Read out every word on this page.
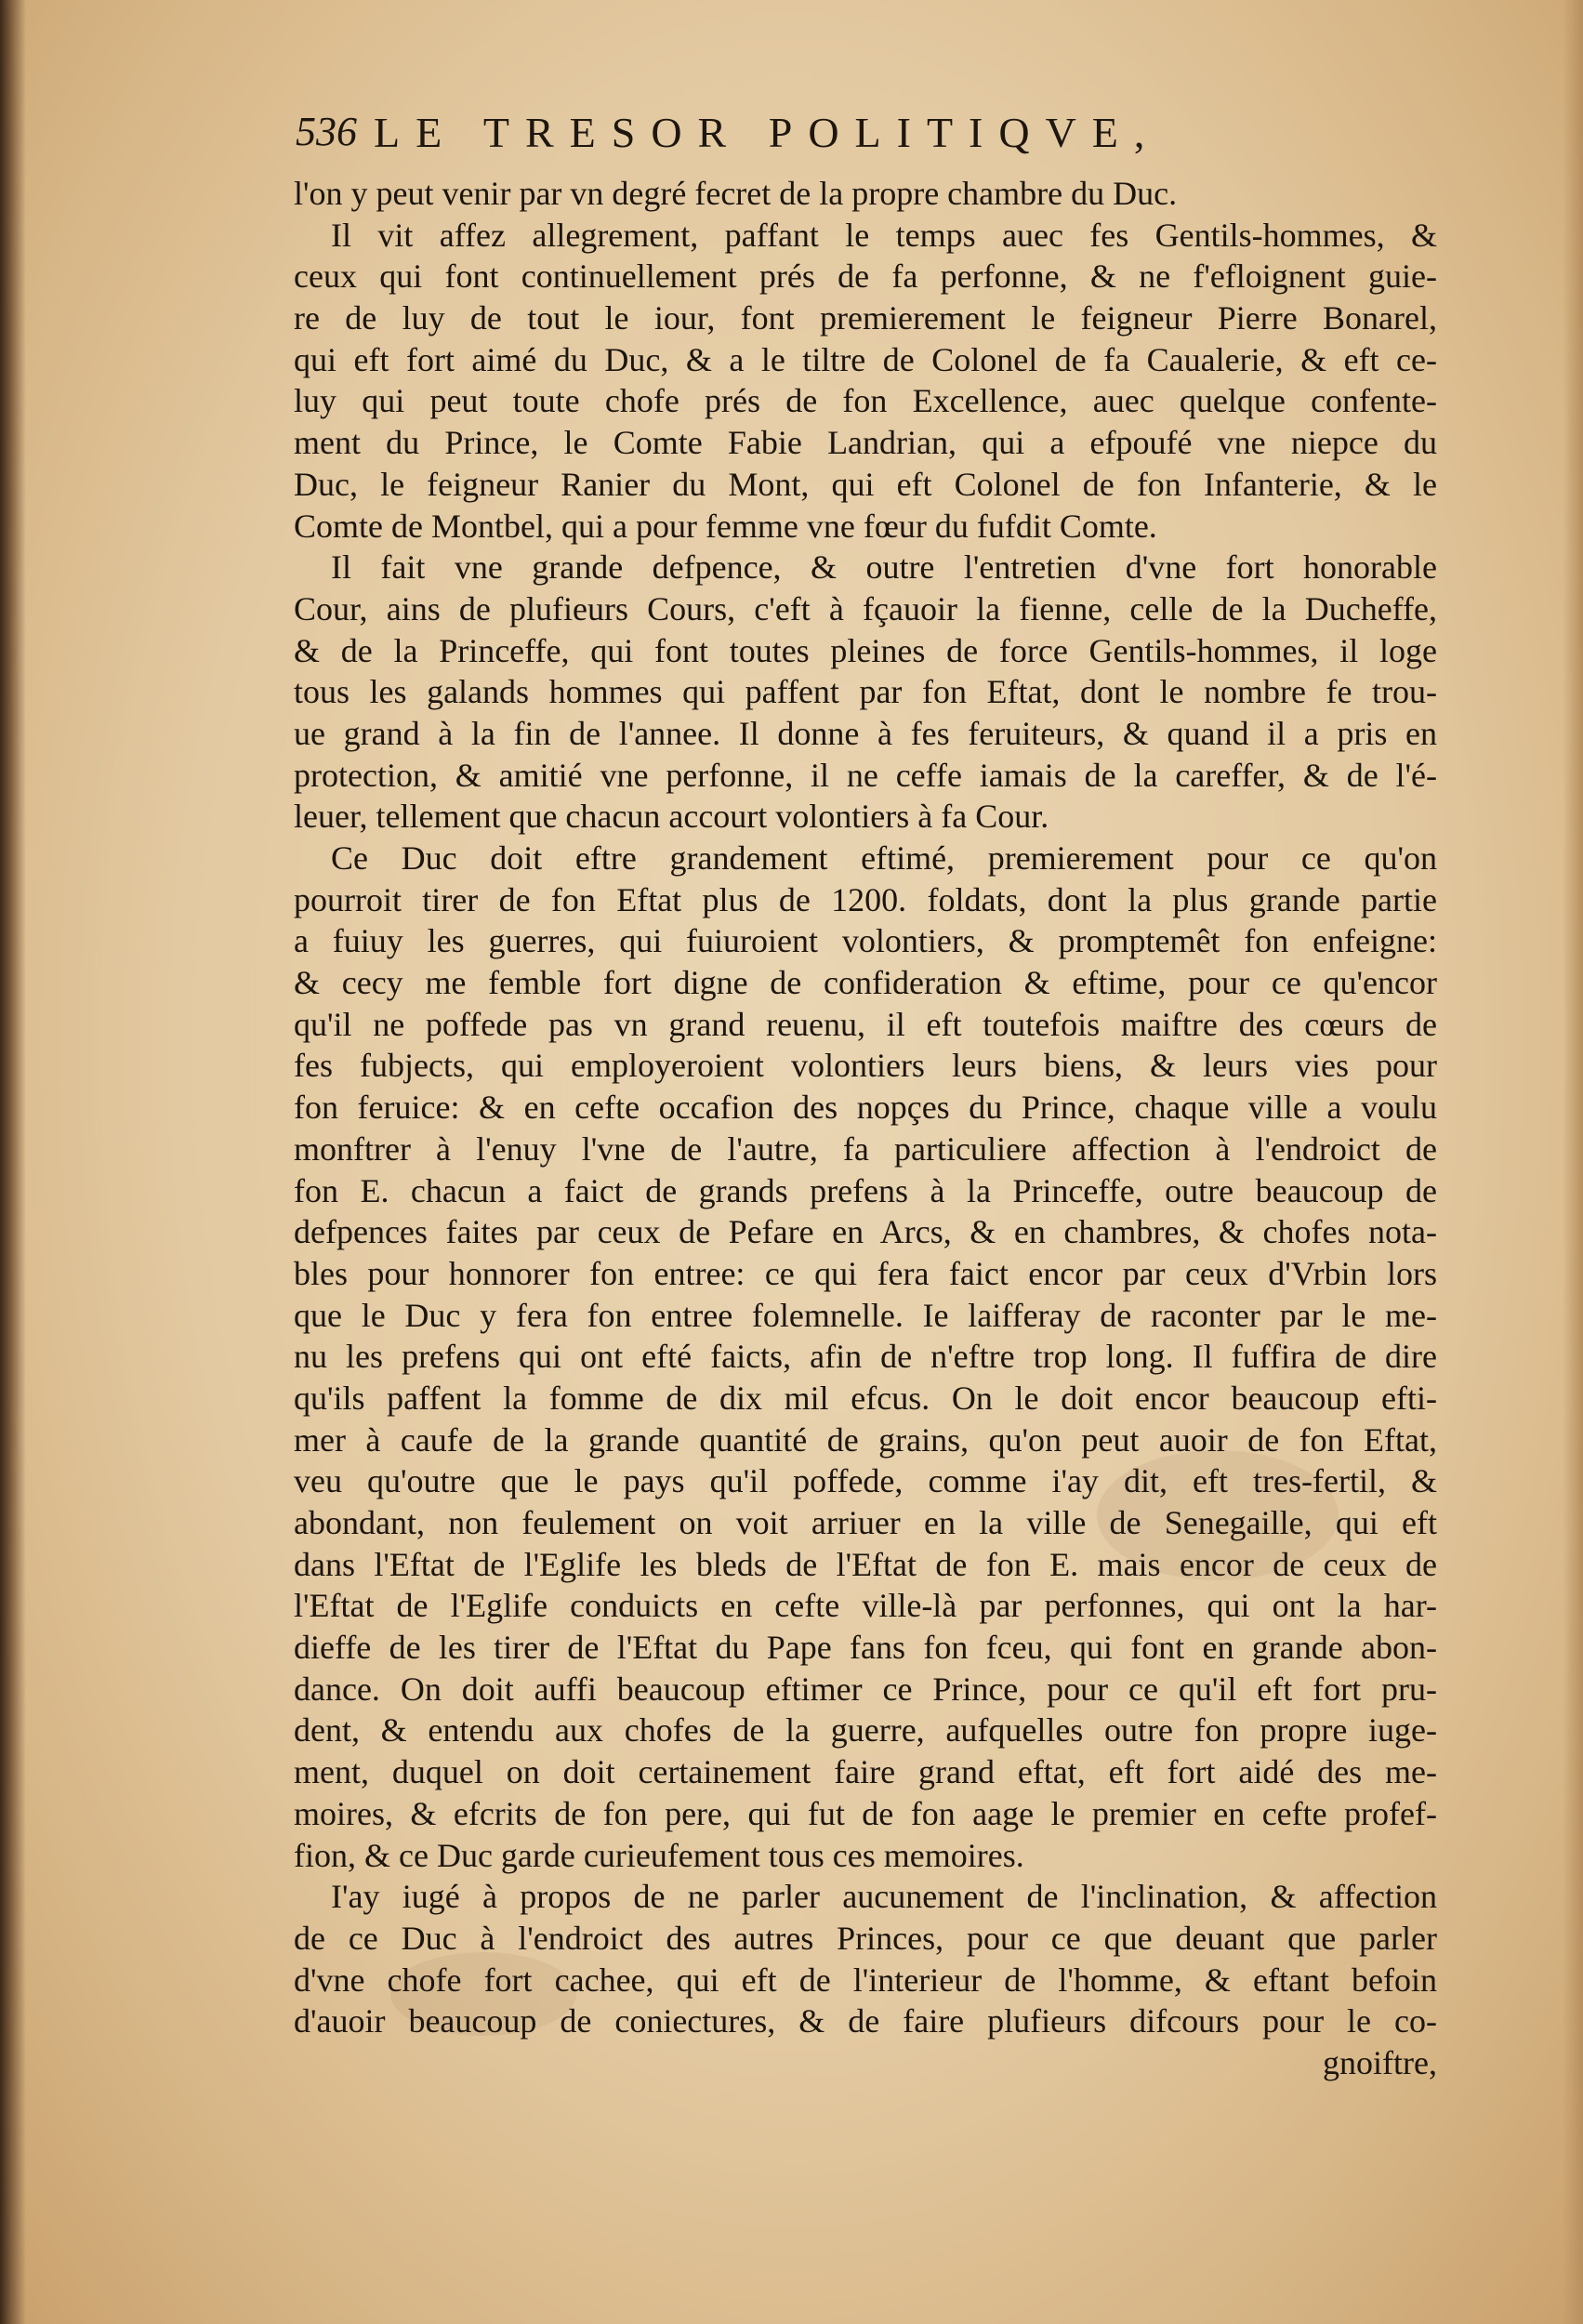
536 LE TRESOR POLITIQVE,
l'on y peut venir par vn degré fecret de la propre chambre du Duc.
Il vit affez allegrement, paffant le temps auec fes Gentils-hommes, &
ceux qui font continuellement prés de fa perfonne, & ne f'efloignent guie-
re de luy de tout le iour, font premierement le feigneur Pierre Bonarel,
qui eft fort aimé du Duc, & a le tiltre de Colonel de fa Caualerie, & eft ce-
luy qui peut toute chofe prés de fon Excellence, auec quelque confente-
ment du Prince, le Comte Fabie Landrian, qui a efpoufé vne niepce du
Duc, le feigneur Ranier du Mont, qui eft Colonel de fon Infanterie, & le
Comte de Montbel, qui a pour femme vne fœur du fufdit Comte.
Il fait vne grande defpence, & outre l'entretien d'vne fort honorable
Cour, ains de plufieurs Cours, c'eft à fçauoir la fienne, celle de la Ducheffe,
& de la Princeffe, qui font toutes pleines de force Gentils-hommes, il loge
tous les galands hommes qui paffent par fon Eftat, dont le nombre fe trou-
ue grand à la fin de l'annee. Il donne à fes feruiteurs, & quand il a pris en
protection, & amitié vne perfonne, il ne ceffe iamais de la careffer, & de l'é-
leuer, tellement que chacun accourt volontiers à fa Cour.
Ce Duc doit eftre grandement eftimé, premierement pour ce qu'on
pourroit tirer de fon Eftat plus de 1200. foldats, dont la plus grande partie
a fuiuy les guerres, qui fuiuroient volontiers, & promptemêt fon enfeigne:
& cecy me femble fort digne de confideration & eftime, pour ce qu'encor
qu'il ne poffede pas vn grand reuenu, il eft toutefois maiftre des cœurs de
fes fubjects, qui employeroient volontiers leurs biens, & leurs vies pour
fon feruice: & en cefte occafion des nopçes du Prince, chaque ville a voulu
monftrer à l'enuy l'vne de l'autre, fa particuliere affection à l'endroict de
fon E. chacun a faict de grands prefens à la Princeffe, outre beaucoup de
defpences faites par ceux de Pefare en Arcs, & en chambres, & chofes nota-
bles pour honnorer fon entree: ce qui fera faict encor par ceux d'Vrbin lors
que le Duc y fera fon entree folemnelle. Ie laifferay de raconter par le me-
nu les prefens qui ont efté faicts, afin de n'eftre trop long. Il fuffira de dire
qu'ils paffent la fomme de dix mil efcus. On le doit encor beaucoup efti-
mer à caufe de la grande quantité de grains, qu'on peut auoir de fon Eftat,
veu qu'outre que le pays qu'il poffede, comme i'ay dit, eft tres-fertil, &
abondant, non feulement on voit arriuer en la ville de Senegaille, qui eft
dans l'Eftat de l'Eglife les bleds de l'Eftat de fon E. mais encor de ceux de
l'Eftat de l'Eglife conduicts en cefte ville-là par perfonnes, qui ont la har-
dieffe de les tirer de l'Eftat du Pape fans fon fceu, qui font en grande abon-
dance. On doit auffi beaucoup eftimer ce Prince, pour ce qu'il eft fort pru-
dent, & entendu aux chofes de la guerre, aufquelles outre fon propre iuge-
ment, duquel on doit certainement faire grand eftat, eft fort aidé des me-
moires, & efcrits de fon pere, qui fut de fon aage le premier en cefte profef-
fion, & ce Duc garde curieufement tous ces memoires.
I'ay iugé à propos de ne parler aucunement de l'inclination, & affection
de ce Duc à l'endroict des autres Princes, pour ce que deuant que parler
d'vne chofe fort cachee, qui eft de l'interieur de l'homme, & eftant befoin
d'auoir beaucoup de coniectures, & de faire plufieurs difcours pour le co-
gnoiftre,
